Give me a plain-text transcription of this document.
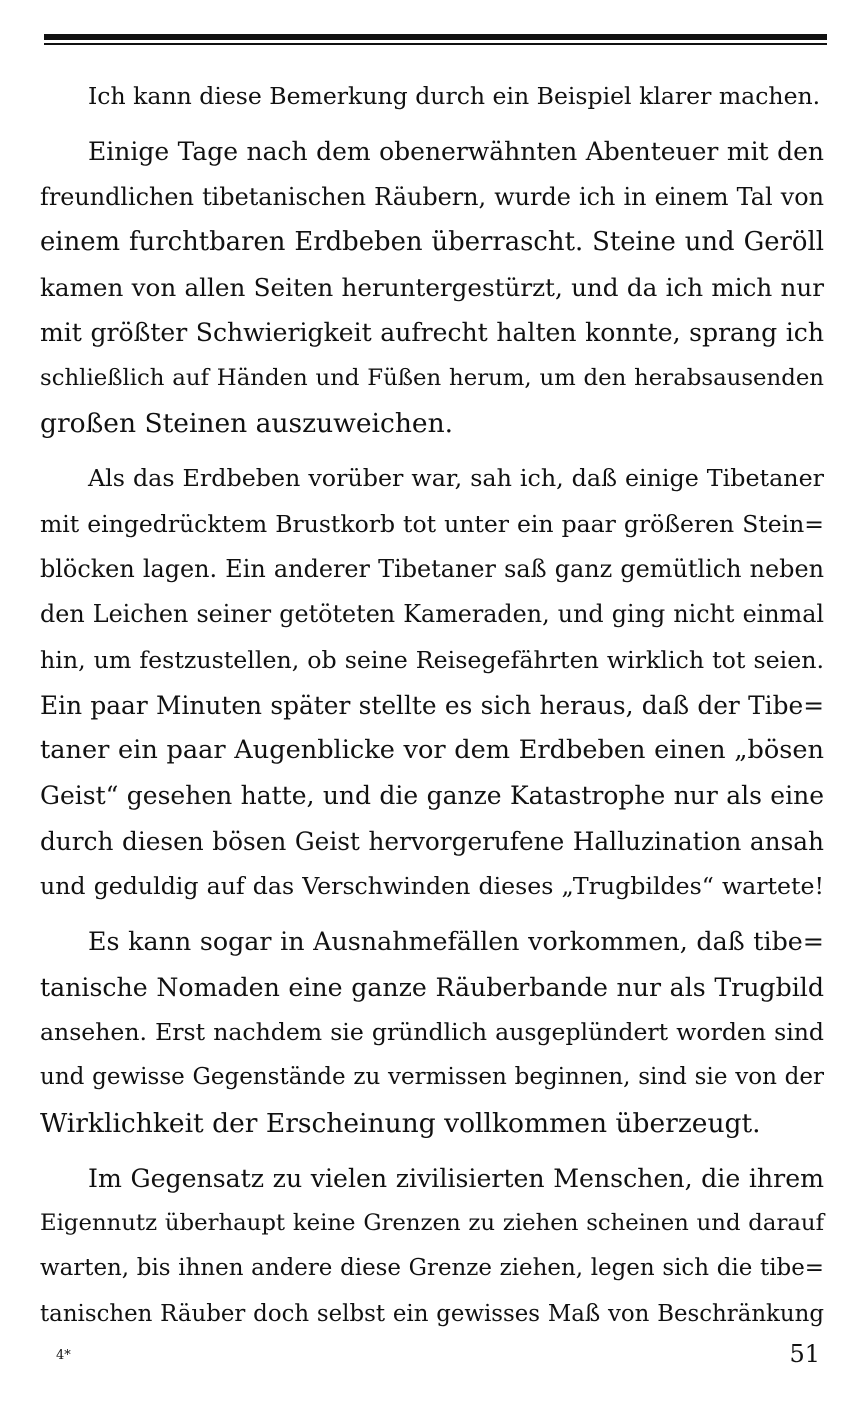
Ich kann diese Bemerkung durch ein Beispiel klarer machen.

Einige Tage nach dem obenerwähnten Abenteuer mit den
freundlichen tibetanischen Räubern, wurde ich in einem Tal von
einem furchtbaren Erdbeben überrascht. Steine und Geröll
kamen von allen Seiten heruntergestürzt, und da ich mich nur
mit größter Schwierigkeit aufrecht halten konnte, sprang ich
schließlich auf Händen und Füßen herum, um den herabsausenden
großen Steinen auszuweichen.

Als das Erdbeben vorüber war, sah ich, daß einige Tibetaner
mit eingedrücktem Brustkorb tot unter ein paar größeren Stein=
blöcken lagen. Ein anderer Tibetaner saß ganz gemütlich neben
den Leichen seiner getöteten Kameraden, und ging nicht einmal
hin, um festzustellen, ob seine Reisegefährten wirklich tot seien.
Ein paar Minuten später stellte es sich heraus, daß der Tibe=
taner ein paar Augenblicke vor dem Erdbeben einen „bösen
Geist“ gesehen hatte, und die ganze Katastrophe nur als eine
durch diesen bösen Geist hervorgerufene Halluzination ansah
und geduldig auf das Verschwinden dieses „Trugbildes“ wartete!

Es kann sogar in Ausnahmefällen vorkommen, daß tibe=
tanische Nomaden eine ganze Räuberbande nur als Trugbild
ansehen. Erst nachdem sie gründlich ausgeplündert worden sind
und gewisse Gegenstände zu vermissen beginnen, sind sie von der
Wirklichkeit der Erscheinung vollkommen überzeugt.

Im Gegensatz zu vielen zivilisierten Menschen, die ihrem
Eigennutz überhaupt keine Grenzen zu ziehen scheinen und darauf
warten, bis ihnen andere diese Grenze ziehen, legen sich die tibe=
tanischen Räuber doch selbst ein gewisses Maß von Beschränkung

4*	51
